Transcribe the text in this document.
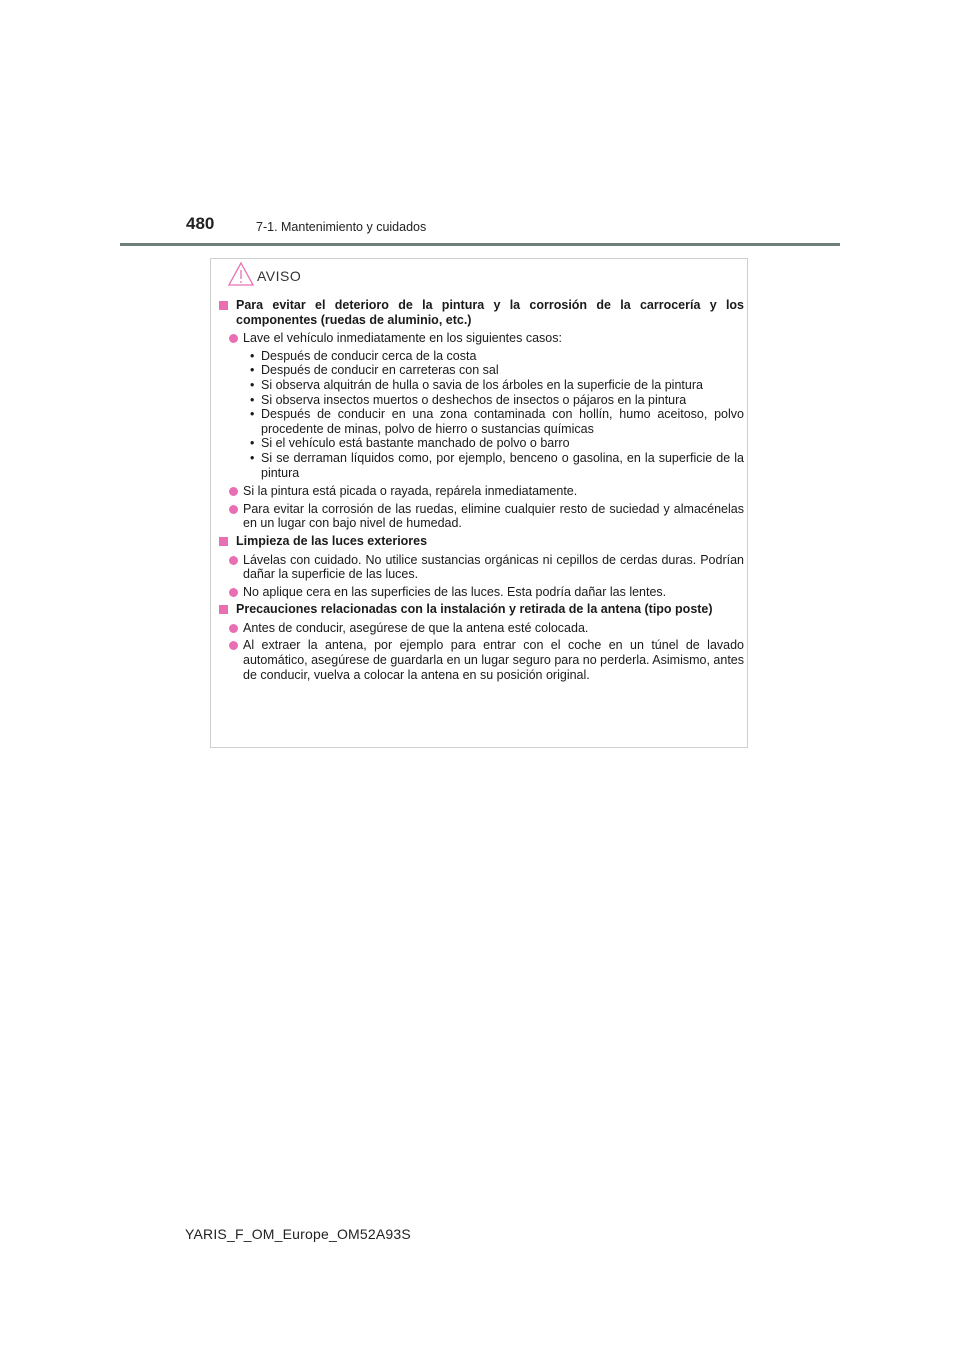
480	7-1. Mantenimiento y cuidados
AVISO
Para evitar el deterioro de la pintura y la corrosión de la carrocería y los componentes (ruedas de aluminio, etc.)
Lave el vehículo inmediatamente en los siguientes casos:
• Después de conducir cerca de la costa
• Después de conducir en carreteras con sal
• Si observa alquitrán de hulla o savia de los árboles en la superficie de la pintura
• Si observa insectos muertos o deshechos de insectos o pájaros en la pintura
• Después de conducir en una zona contaminada con hollín, humo aceitoso, polvo procedente de minas, polvo de hierro o sustancias químicas
• Si el vehículo está bastante manchado de polvo o barro
• Si se derraman líquidos como, por ejemplo, benceno o gasolina, en la superficie de la pintura
Si la pintura está picada o rayada, repárela inmediatamente.
Para evitar la corrosión de las ruedas, elimine cualquier resto de suciedad y almacénelas en un lugar con bajo nivel de humedad.
Limpieza de las luces exteriores
Lávelas con cuidado. No utilice sustancias orgánicas ni cepillos de cerdas duras. Podrían dañar la superficie de las luces.
No aplique cera en las superficies de las luces. Esta podría dañar las lentes.
Precauciones relacionadas con la instalación y retirada de la antena (tipo poste)
Antes de conducir, asegúrese de que la antena esté colocada.
Al extraer la antena, por ejemplo para entrar con el coche en un túnel de lavado automático, asegúrese de guardarla en un lugar seguro para no perderla. Asimismo, antes de conducir, vuelva a colocar la antena en su posición original.
YARIS_F_OM_Europe_OM52A93S
